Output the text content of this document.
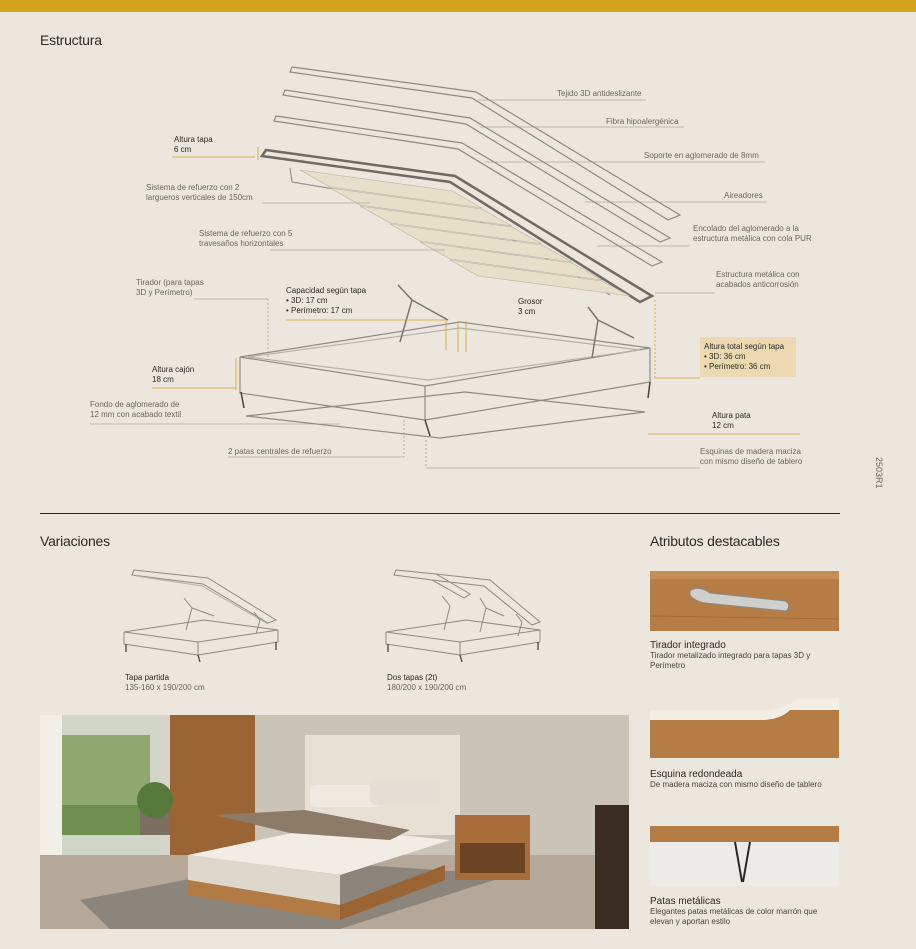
Estructura
Tejido 3D antideslizante
Fibra hipoalergénica
Soporte en aglomerado de 8mm
Aireadores
Encolado del aglomerado a la
estructura metálica con cola PUR
Estructura metálica con
acabados anticorrosión
Altura tapa
6 cm
Sistema de refuerzo con 2
largueros verticales de 150cm
Sistema de refuerzo con 5
travesaños horizontales
Tirador (para tapas
3D y Perímetro)	Capacidad según tapa
• 3D: 17 cm
• Perímetro: 17 cm
Grosor
3 cm
Altura total según tapa
• 3D: 36 cm
• Perímetro: 36 cm
Altura cajón
18 cm
Fondo de aglomerado de
12 mm con acabado textil	Altura pata
12 cm
2 patas centrales de refuerzo	Esquinas de madera maciza
con mismo diseño de tablero	2503R1
Variaciones	Atributos destacables
Tapa partida
135-160 x 190/200 cm
Dos tapas (2t)
180/200 x 190/200 cm
Tirador integrado
Tirador metalizado integrado para tapas 3D y Perímetro
Esquina redondeada
De madera maciza con mismo diseño de tablero
Patas metálicas
Elegantes patas metálicas de color marrón que elevan y aportan estilo
